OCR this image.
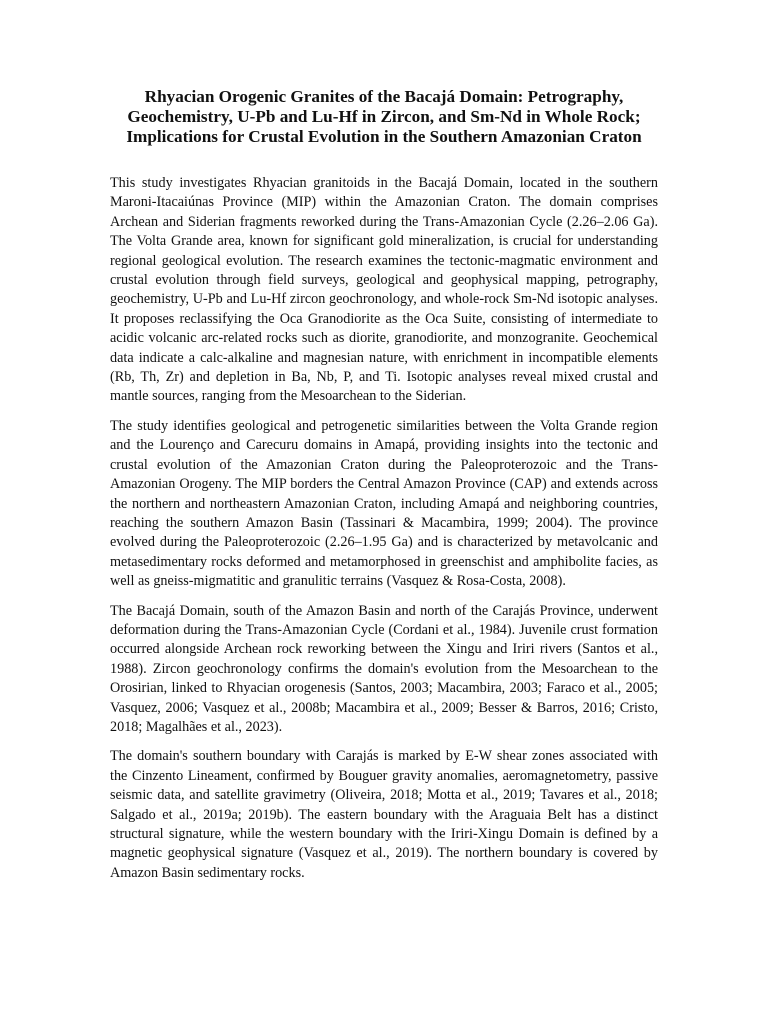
Rhyacian Orogenic Granites of the Bacajá Domain: Petrography, Geochemistry, U-Pb and Lu-Hf in Zircon, and Sm-Nd in Whole Rock; Implications for Crustal Evolution in the Southern Amazonian Craton

This study investigates Rhyacian granitoids in the Bacajá Domain, located in the southern Maroni-Itacaiúnas Province (MIP) within the Amazonian Craton. The domain comprises Archean and Siderian fragments reworked during the Trans-Amazonian Cycle (2.26–2.06 Ga). The Volta Grande area, known for significant gold mineralization, is crucial for understanding regional geological evolution. The research examines the tectonic-magmatic environment and crustal evolution through field surveys, geological and geophysical mapping, petrography, geochemistry, U-Pb and Lu-Hf zircon geochronology, and whole-rock Sm-Nd isotopic analyses. It proposes reclassifying the Oca Granodiorite as the Oca Suite, consisting of intermediate to acidic volcanic arc-related rocks such as diorite, granodiorite, and monzogranite. Geochemical data indicate a calc-alkaline and magnesian nature, with enrichment in incompatible elements (Rb, Th, Zr) and depletion in Ba, Nb, P, and Ti. Isotopic analyses reveal mixed crustal and mantle sources, ranging from the Mesoarchean to the Siderian.

The study identifies geological and petrogenetic similarities between the Volta Grande region and the Lourenço and Carecuru domains in Amapá, providing insights into the tectonic and crustal evolution of the Amazonian Craton during the Paleoproterozoic and the Trans-Amazonian Orogeny. The MIP borders the Central Amazon Province (CAP) and extends across the northern and northeastern Amazonian Craton, including Amapá and neighboring countries, reaching the southern Amazon Basin (Tassinari & Macambira, 1999; 2004). The province evolved during the Paleoproterozoic (2.26–1.95 Ga) and is characterized by metavolcanic and metasedimentary rocks deformed and metamorphosed in greenschist and amphibolite facies, as well as gneiss-migmatitic and granulitic terrains (Vasquez & Rosa-Costa, 2008).

The Bacajá Domain, south of the Amazon Basin and north of the Carajás Province, underwent deformation during the Trans-Amazonian Cycle (Cordani et al., 1984). Juvenile crust formation occurred alongside Archean rock reworking between the Xingu and Iriri rivers (Santos et al., 1988). Zircon geochronology confirms the domain's evolution from the Mesoarchean to the Orosirian, linked to Rhyacian orogenesis (Santos, 2003; Macambira, 2003; Faraco et al., 2005; Vasquez, 2006; Vasquez et al., 2008b; Macambira et al., 2009; Besser & Barros, 2016; Cristo, 2018; Magalhães et al., 2023).

The domain's southern boundary with Carajás is marked by E-W shear zones associated with the Cinzento Lineament, confirmed by Bouguer gravity anomalies, aeromagnetometry, passive seismic data, and satellite gravimetry (Oliveira, 2018; Motta et al., 2019; Tavares et al., 2018; Salgado et al., 2019a; 2019b). The eastern boundary with the Araguaia Belt has a distinct structural signature, while the western boundary with the Iriri-Xingu Domain is defined by a magnetic geophysical signature (Vasquez et al., 2019). The northern boundary is covered by Amazon Basin sedimentary rocks.
